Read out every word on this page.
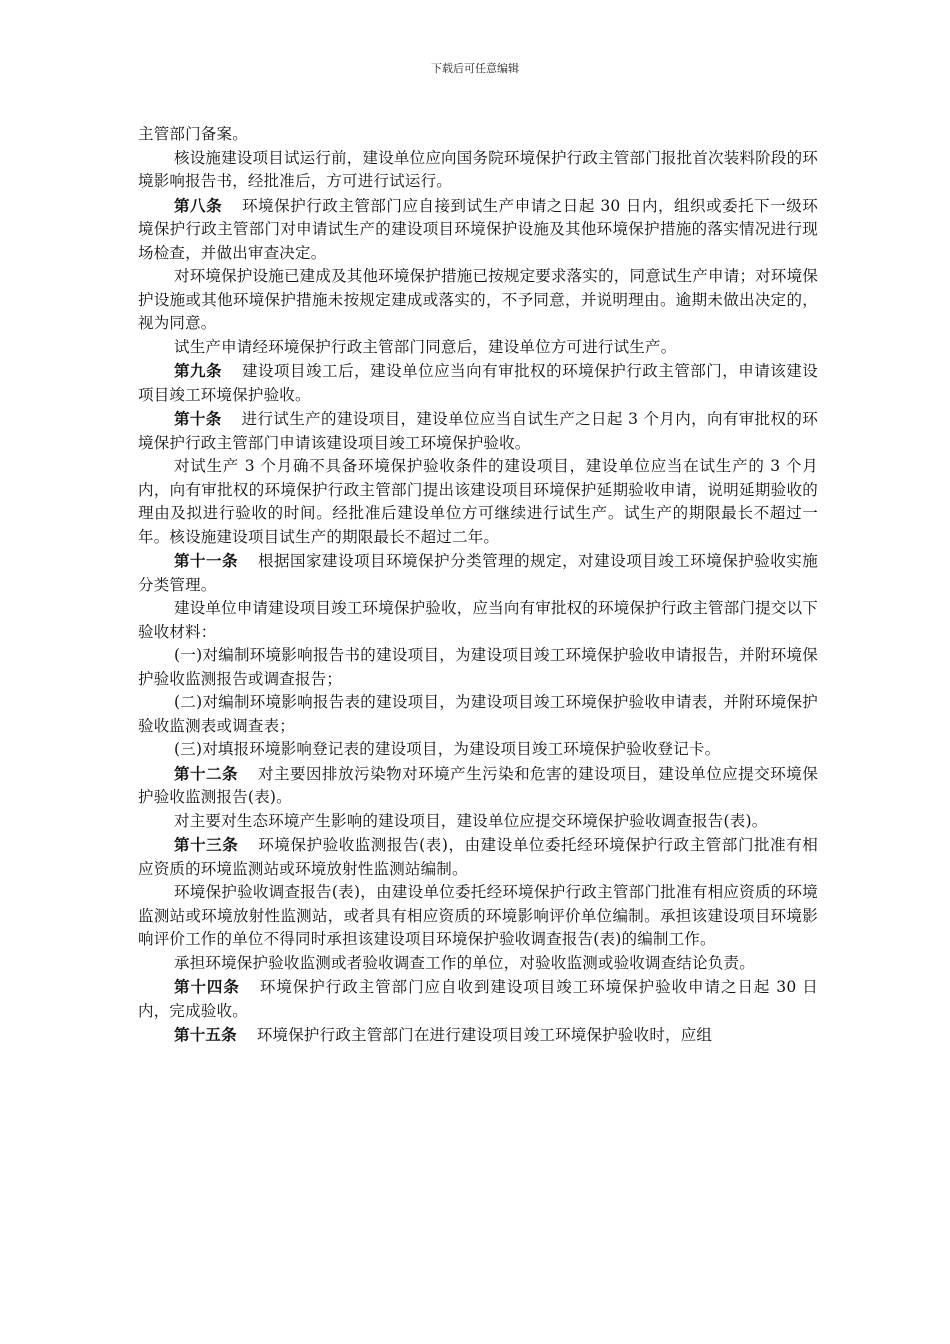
下载后可任意编辑

主管部门备案。

核设施建设项目试运行前，建设单位应向国务院环境保护行政主管部门报批首次装料阶段的环境影响报告书，经批准后，方可进行试运行。

第八条 环境保护行政主管部门应自接到试生产申请之日起 30 日内，组织或委托下一级环境保护行政主管部门对申请试生产的建设项目环境保护设施及其他环境保护措施的落实情况进行现场检查，并做出审查决定。

对环境保护设施已建成及其他环境保护措施已按规定要求落实的，同意试生产申请；对环境保护设施或其他环境保护措施未按规定建成或落实的，不予同意，并说明理由。逾期未做出决定的，视为同意。

试生产申请经环境保护行政主管部门同意后，建设单位方可进行试生产。

第九条 建设项目竣工后，建设单位应当向有审批权的环境保护行政主管部门，申请该建设项目竣工环境保护验收。

第十条 进行试生产的建设项目，建设单位应当自试生产之日起 3 个月内，向有审批权的环境保护行政主管部门申请该建设项目竣工环境保护验收。

对试生产 3 个月确不具备环境保护验收条件的建设项目，建设单位应当在试生产的 3 个月内，向有审批权的环境保护行政主管部门提出该建设项目环境保护延期验收申请，说明延期验收的理由及拟进行验收的时间。经批准后建设单位方可继续进行试生产。试生产的期限最长不超过一年。核设施建设项目试生产的期限最长不超过二年。

第十一条 根据国家建设项目环境保护分类管理的规定，对建设项目竣工环境保护验收实施分类管理。

建设单位申请建设项目竣工环境保护验收，应当向有审批权的环境保护行政主管部门提交以下验收材料：

(一)对编制环境影响报告书的建设项目，为建设项目竣工环境保护验收申请报告，并附环境保护验收监测报告或调查报告；

(二)对编制环境影响报告表的建设项目，为建设项目竣工环境保护验收申请表，并附环境保护验收监测表或调查表；

(三)对填报环境影响登记表的建设项目，为建设项目竣工环境保护验收登记卡。

第十二条 对主要因排放污染物对环境产生污染和危害的建设项目，建设单位应提交环境保护验收监测报告(表)。

对主要对生态环境产生影响的建设项目，建设单位应提交环境保护验收调查报告(表)。

第十三条 环境保护验收监测报告(表)，由建设单位委托经环境保护行政主管部门批准有相应资质的环境监测站或环境放射性监测站编制。

环境保护验收调查报告(表)，由建设单位委托经环境保护行政主管部门批准有相应资质的环境监测站或环境放射性监测站，或者具有相应资质的环境影响评价单位编制。承担该建设项目环境影响评价工作的单位不得同时承担该建设项目环境保护验收调查报告(表)的编制工作。

承担环境保护验收监测或者验收调查工作的单位，对验收监测或验收调查结论负责。

第十四条 环境保护行政主管部门应自收到建设项目竣工环境保护验收申请之日起 30 日内，完成验收。

第十五条 环境保护行政主管部门在进行建设项目竣工环境保护验收时，应组
